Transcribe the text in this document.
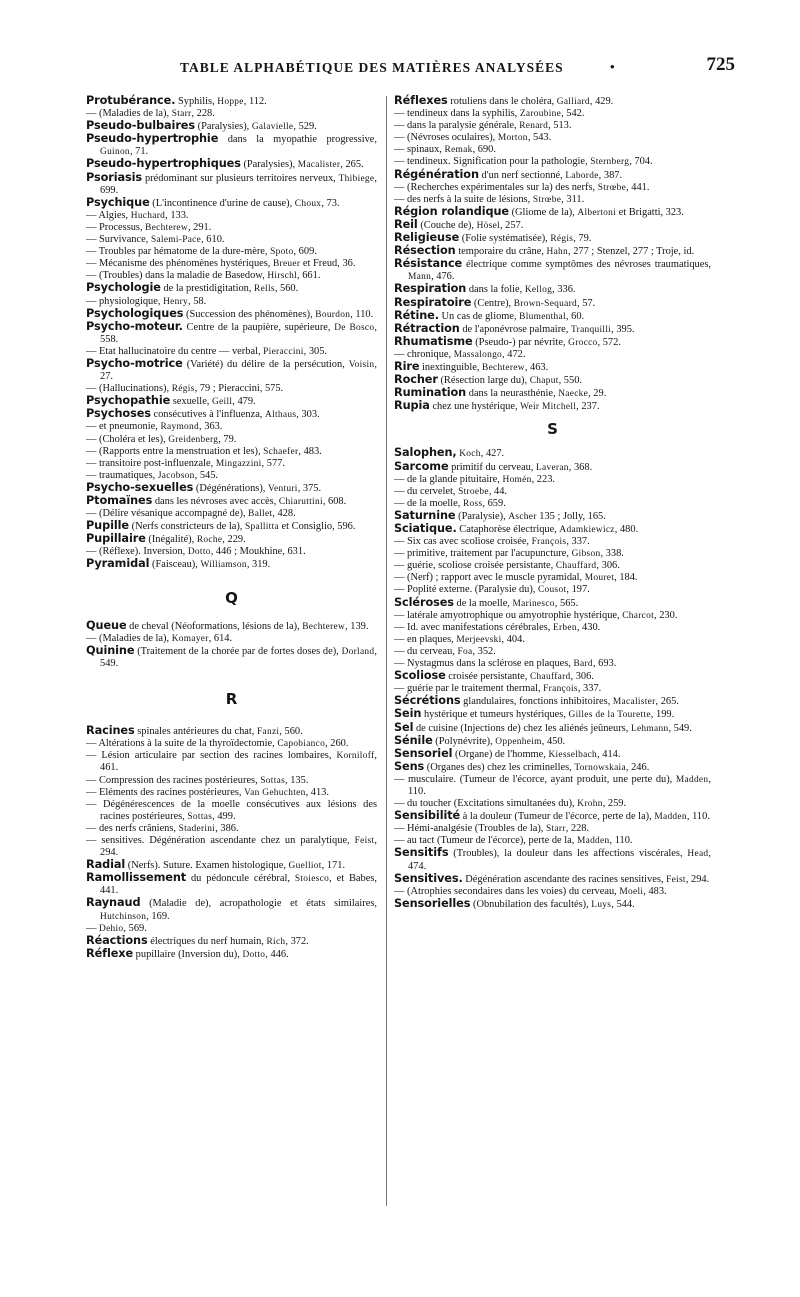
TABLE ALPHABÉTIQUE DES MATIÈRES ANALYSÉES	•	725
Protubérance. Syphilis, Hoppe, 112.
— (Maladies de la), Starr, 228.
Pseudo-bulbaires (Paralysies), Galavielle, 529.
Pseudo-hypertrophie dans la myopathie progressive, Guinon, 71.
Pseudo-hypertrophiques (Paralysies), Macalister, 265.
Psoriasis prédominant sur plusieurs territoires nerveux, Thibiege, 699.
Psychique (L'incontinence d'urine de cause), Choux, 73.
— Algies, Huchard, 133.
— Processus, Bechterew, 291.
— Survivance, Salemi-Pace, 610.
— Troubles par hématome de la dure-mère, Spoto, 609.
— Mécanisme des phénomènes hystériques, Breuer et Freud, 36.
— (Troubles) dans la maladie de Basedow, Hirschl, 661.
Psychologie de la prestidigitation, Rells, 560.
— physiologique, Henry, 58.
Psychologiques (Succession des phénomènes), Bourdon, 110.
Psycho-moteur. Centre de la paupière, supérieure, De Bosco, 558.
— Etat hallucinatoire du centre — verbal, Pieraccini, 305.
Psycho-motrice (Variété) du délire de la persécution, Voisin, 27.
— (Hallucinations), Régis, 79 ; Pieraccini, 575.
Psychopathie sexuelle, Geill, 479.
Psychoses consécutives à l'influenza, Althaus, 303.
— et pneumonie, Raymond, 363.
— (Choléra et les), Greidenberg, 79.
— (Rapports entre la menstruation et les), Schaefer, 483.
— transitoire post-influenzale, Mingazzini, 577.
— traumatiques, Jacobson, 545.
Psycho-sexuelles (Dégénérations), Venturi, 375.
Ptomaïnes dans les névroses avec accès, Chiaruttini, 608.
— (Délire vésanique accompagné de), Ballet, 428.
Pupille (Nerfs constricteurs de la), Spallitta et Consiglio, 596.
Pupillaire (Inégalité), Roche, 229.
— (Réflexe). Inversion, Dotto, 446 ; Moukhine, 631.
Pyramidal (Faisceau), Williamson, 319.
Q
Queue de cheval (Néoformations, lésions de la), Bechterew, 139.
— (Maladies de la), Komayer, 614.
Quinine (Traitement de la chorée par de fortes doses de), Dorland, 549.
R
Racines spinales antérieures du chat, Fanzi, 560.
— Altérations à la suite de la thyroïdectomie, Capobianco, 260.
— Lésion articulaire par section des racines lombaires, Korniloff, 461.
— Compression des racines postérieures, Sottas, 135.
— Eléments des racines postérieures, Van Gehuchten, 413.
— Dégénérescences de la moelle consécutives aux lésions des racines postérieures, Sottas, 499.
— des nerfs crâniens, Staderini, 386.
— sensitives. Dégénération ascendante chez un paralytique, Feist, 294.
Radial (Nerfs). Suture. Examen histologique, Guelliot, 171.
Ramollissement du pédoncule cérébral, Stoiesco, et Babes, 441.
Raynaud (Maladie de), acropathologie et états similaires, Hutchinson, 169.
— Dehio, 569.
Réactions électriques du nerf humain, Rich, 372.
Réflexe pupillaire (Inversion du), Dotto, 446.
Réflexes rotuliens dans le choléra, Galliard, 429.
— tendineux dans la syphilis, Zaroubine, 542.
— dans la paralysie générale, Renard, 513.
— (Névroses oculaires), Morton, 543.
— spinaux, Remak, 690.
— tendineux. Signification pour la pathologie, Sternberg, 704.
Régénération d'un nerf sectionné, Laborde, 387.
— (Recherches expérimentales sur la) des nerfs, Strœbe, 441.
— des nerfs à la suite de lésions, Strœbe, 311.
Région rolandique (Gliome de la), Albertoni et Brigatti, 323.
Reil (Couche de), Hösel, 257.
Religieuse (Folie systématisée), Régis, 79.
Résection temporaire du crâne, Hahn, 277 ; Stenzel, 277 ; Troje, id.
Résistance électrique comme symptômes des névroses traumatiques, Mann, 476.
Respiration dans la folie, Kellog, 336.
Respiratoire (Centre), Brown-Sequard, 57.
Rétine. Un cas de gliome, Blumenthal, 60.
Rétraction de l'aponévrose palmaire, Tranquilli, 395.
Rhumatisme (Pseudo-) par névrite, Grocco, 572.
— chronique, Massalongo, 472.
Rire inextinguible, Bechterew, 463.
Rocher (Résection large du), Chaput, 550.
Rumination dans la neurasthénie, Naecke, 29.
Rupia chez une hystérique, Weir Mitchell, 237.
S
Salophen, Koch, 427.
Sarcome primitif du cerveau, Laveran, 368.
— de la glande pituitaire, Homén, 223.
— du cervelet, Stroebe, 44.
— de la moelle, Ross, 659.
Saturnine (Paralysie), Ascher 135 ; Jolly, 165.
Sciatique. Cataphorèse électrique, Adamkiewicz, 480.
— Six cas avec scoliose croisée, François, 337.
— primitive, traitement par l'acupuncture, Gibson, 338.
— guérie, scoliose croisée persistante, Chauffard, 306.
— (Nerf) ; rapport avec le muscle pyramidal, Mouret, 184.
— Poplité externe. (Paralysie du), Cousot, 197.
Scléroses de la moelle, Marinesco, 565.
— latérale amyotrophique ou amyotrophie hystérique, Charcot, 230.
— Id. avec manifestations cérébrales, Erben, 430.
— en plaques, Merjeevski, 404.
— du cerveau, Foa, 352.
— Nystagmus dans la sclérose en plaques, Bard, 693.
Scoliose croisée persistante, Chauffard, 306.
— guérie par le traitement thermal, François, 337.
Sécrétions glandulaires, fonctions inhibitoires, Macalister, 265.
Sein hystérique et tumeurs hystériques, Gilles de la Tourette, 199.
Sel de cuisine (Injections de) chez les aliénés jeûneurs, Lehmann, 549.
Sénile (Polynévrite), Oppenheim, 450.
Sensoriel (Organe) de l'homme, Kiesselbach, 414.
Sens (Organes des) chez les criminelles, Tornowskaia, 246.
— musculaire. (Tumeur de l'écorce, ayant produit, une perte du), Madden, 110.
— du toucher (Excitations simultanées du), Krohn, 259.
Sensibilité à la douleur (Tumeur de l'écorce, perte de la), Madden, 110.
— Hémi-analgésie (Troubles de la), Starr, 228.
— au tact (Tumeur de l'écorce), perte de la, Madden, 110.
Sensitifs (Troubles), la douleur dans les affections viscérales, Head, 474.
Sensitives. Dégénération ascendante des racines sensitives, Feist, 294.
— (Atrophies secondaires dans les voies) du cerveau, Moeli, 483.
Sensorielles (Obnubilation des facultés), Luys, 544.
